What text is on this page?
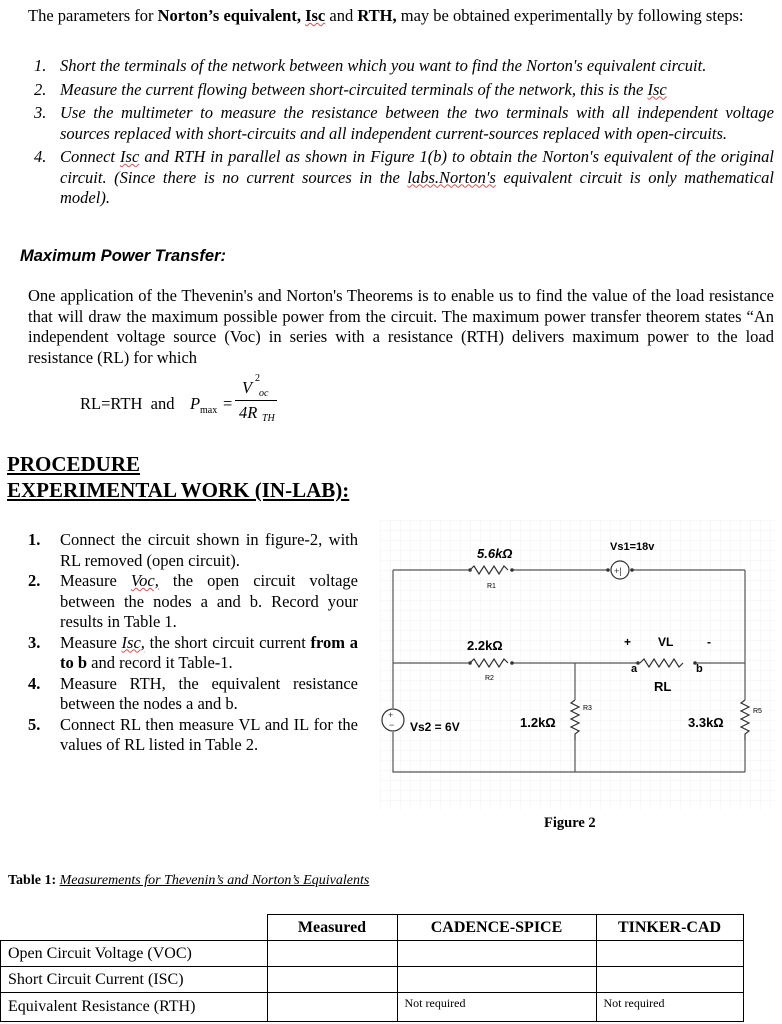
The parameters for Norton’s equivalent, Isc and RTH, may be obtained experimentally by following steps:
1. Short the terminals of the network between which you want to find the Norton's equivalent circuit.
2. Measure the current flowing between short-circuited terminals of the network, this is the Isc
3. Use the multimeter to measure the resistance between the two terminals with all independent voltage sources replaced with short-circuits and all independent current-sources replaced with open-circuits.
4. Connect Isc and RTH in parallel as shown in Figure 1(b) to obtain the Norton's equivalent of the original circuit. (Since there is no current sources in the labs.Norton's equivalent circuit is only mathematical model).
Maximum Power Transfer:
One application of the Thevenin's and Norton's Theorems is to enable us to find the value of the load resistance that will draw the maximum possible power from the circuit. The maximum power transfer theorem states “An independent voltage source (Voc) in series with a resistance (RTH) delivers maximum power to the load resistance (RL) for which
RL=RTH  and P max =
V 2
oc
4R TH
PROCEDURE
EXPERIMENTAL WORK (IN-LAB):
1. Connect the circuit shown in figure-2, with RL removed (open circuit).
2. Measure Voc, the open circuit voltage between the nodes a and b. Record your results in Table 1.
3. Measure Isc, the short circuit current from a to b and record it Table-1.
4. Measure RTH, the equivalent resistance between the nodes a and b.
5. Connect RL then measure VL and IL for the values of RL listed in Table 2.
5.6kΩ
R1
+|
Vs1=18v
2.2kΩ
R2
+ VL	-
a	b
RL
1.2kΩ
R3
3.3kΩ
R5
+
− Vs2 = 6V
Figure 2
Table 1: Measurements for Thevenin’s and Norton’s Equivalents
	Measured	CADENCE-SPICE	TINKER-CAD
Open Circuit Voltage (VOC)			
Short Circuit Current (ISC)			
Equivalent Resistance (RTH)		Not required	Not required
